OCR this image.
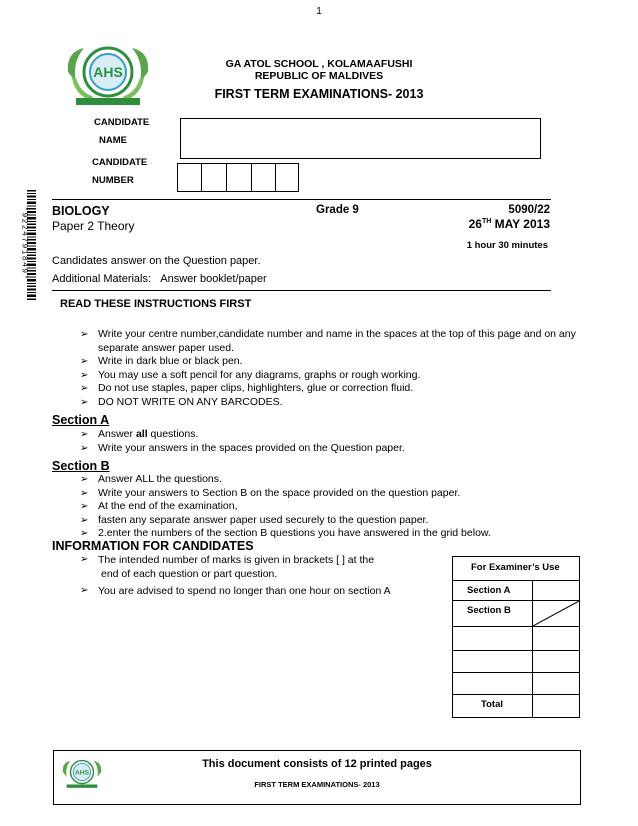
1
AHS	GA ATOL SCHOOL , KOLAMAAFUSHI
REPUBLIC OF MALDIVES
FIRST TERM EXAMINATIONS- 2013
CANDIDATE
NAME
CANDIDATE
NUMBER
*9224791849* BIOLOGY
Paper 2 Theory
Grade 9	5090/22
26TH MAY 2013
1 hour 30 minutes
Candidates answer on the Question paper.
Additional Materials: Answer booklet/paper
READ THESE INSTRUCTIONS FIRST
➢ Write your centre number,candidate number and name in the spaces at the top of this page and on any separate answer paper used.
➢ Write in dark blue or black pen.
➢ You may use a soft pencil for any diagrams, graphs or rough working.
➢ Do not use staples, paper clips, highlighters, glue or correction fluid.
➢ DO NOT WRITE ON ANY BARCODES.
Section A
➢ Answer all questions.
➢ Write your answers in the spaces provided on the Question paper.
Section B
➢ Answer ALL the questions.
➢ Write your answers to Section B on the space provided on the question paper.
➢ At the end of the examination,
➢ fasten any separate answer paper used securely to the question paper.
➢ 2.enter the numbers of the section B questions you have answered in the grid below.
INFORMATION FOR CANDIDATES
➢ The intended number of marks is given in brackets [ ] at the
end of each question or part question.
➢ You are advised to spend no longer than one hour on section A
For Examiner’s Use	
Section A	
Section B	

Total	
AHS
This document consists of 12 printed pages
FIRST TERM EXAMINATIONS- 2013
